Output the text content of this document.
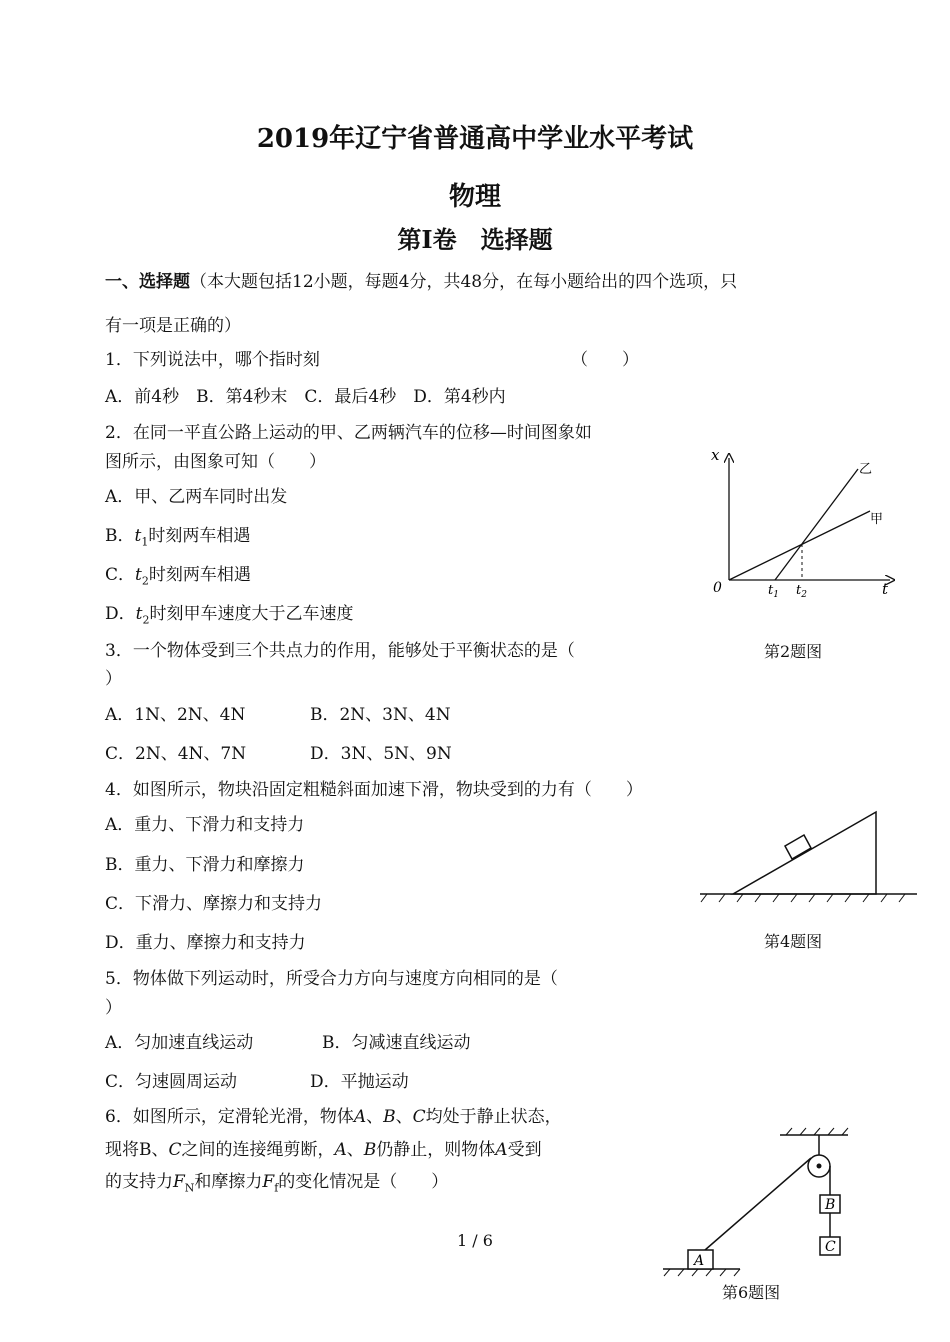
2019年辽宁省普通高中学业水平考试
物理
第Ⅰ卷　选择题
一、选择题（本大题包括12小题，每题4分，共48分，在每小题给出的四个选项，只
有一项是正确的）
1．下列说法中，哪个指时刻	（　　）
A．前4秒　B．第4秒末　C．最后4秒　D．第4秒内
2．在同一平直公路上运动的甲、乙两辆汽车的位移—时间图象如
图所示，由图象可知（　　）
A．甲、乙两车同时出发
B．$t_1$时刻两车相遇
C．$t_2$时刻两车相遇
D．$t_2$时刻甲车速度大于乙车速度
3．一个物体受到三个共点力的作用，能够处于平衡状态的是（
）
A．1N、2N、4N	B．2N、3N、4N
C．2N、4N、7N	D．3N、5N、9N
4．如图所示，物块沿固定粗糙斜面加速下滑，物块受到的力有（　　）
A．重力、下滑力和支持力
B．重力、下滑力和摩擦力
C．下滑力、摩擦力和支持力
D．重力、摩擦力和支持力
5．物体做下列运动时，所受合力方向与速度方向相同的是（
）
A．匀加速直线运动	B．匀减速直线运动
C．匀速圆周运动	D．平抛运动
6．如图所示，定滑轮光滑，物体A、B、C均处于静止状态，
现将B、C之间的连接绳剪断，A、B仍静止，则物体A受到
的支持力$F_N$和摩擦力$F_f$的变化情况是（　　）
x
t
0
乙
甲
$t_1$ $t_2$
第2题图
第4题图
A
B
C
第6题图
1 / 6
